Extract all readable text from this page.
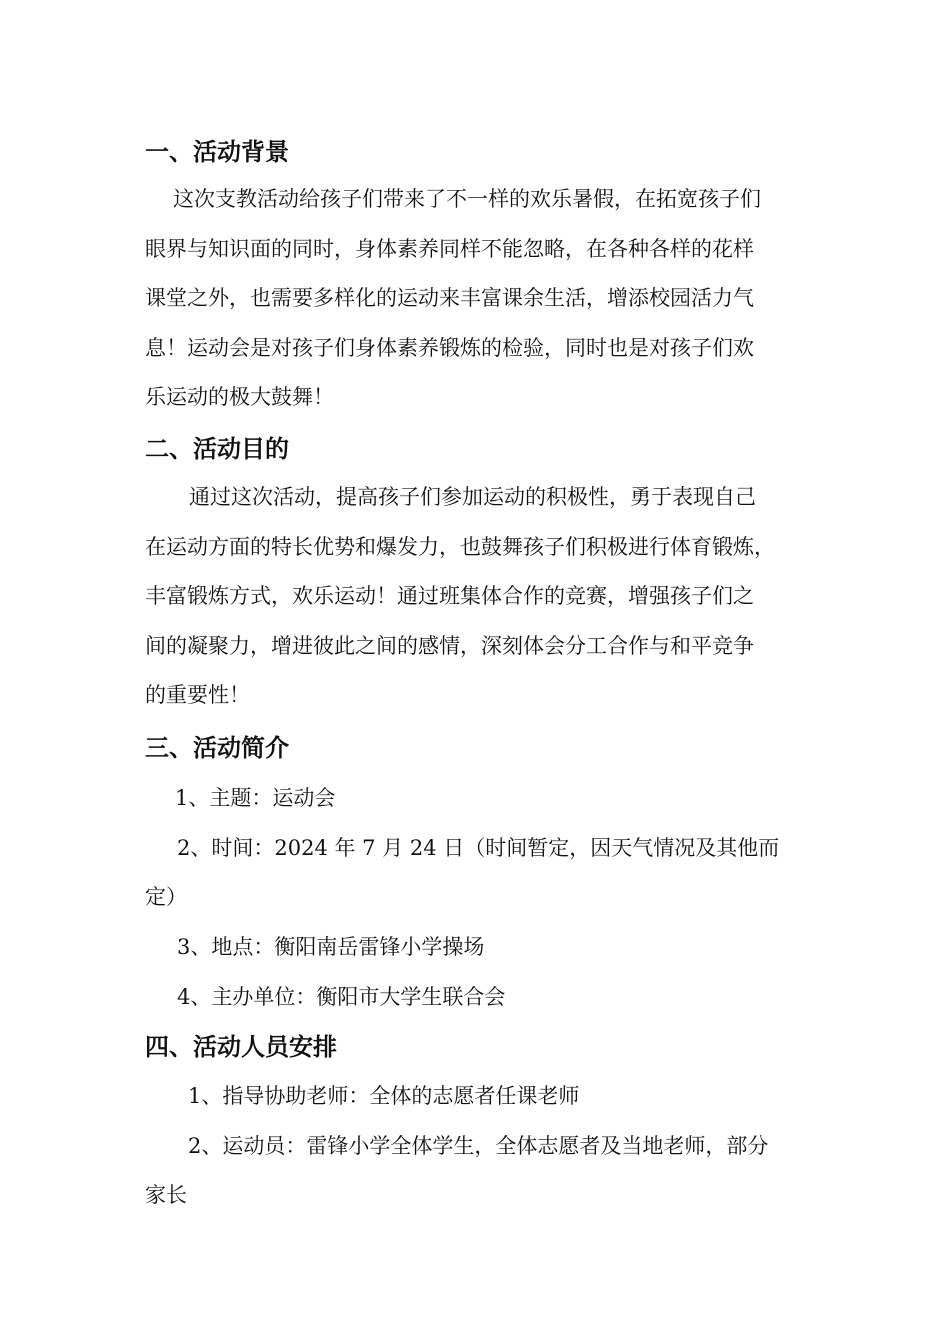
一、活动背景
这次支教活动给孩子们带来了不一样的欢乐暑假，在拓宽孩子们
眼界与知识面的同时，身体素养同样不能忽略，在各种各样的花样
课堂之外，也需要多样化的运动来丰富课余生活，增添校园活力气
息！运动会是对孩子们身体素养锻炼的检验，同时也是对孩子们欢
乐运动的极大鼓舞！
二、活动目的
通过这次活动，提高孩子们参加运动的积极性，勇于表现自己
在运动方面的特长优势和爆发力，也鼓舞孩子们积极进行体育锻炼，
丰富锻炼方式，欢乐运动！通过班集体合作的竞赛，增强孩子们之
间的凝聚力，增进彼此之间的感情，深刻体会分工合作与和平竞争
的重要性！
三、活动简介
1、主题：运动会
2、时间：2024 年 7 月 24 日（时间暂定，因天气情况及其他而
定）
3、地点：衡阳南岳雷锋小学操场
4、主办单位：衡阳市大学生联合会
四、活动人员安排
1、指导协助老师：全体的志愿者任课老师
2、运动员：雷锋小学全体学生，全体志愿者及当地老师，部分
家长
